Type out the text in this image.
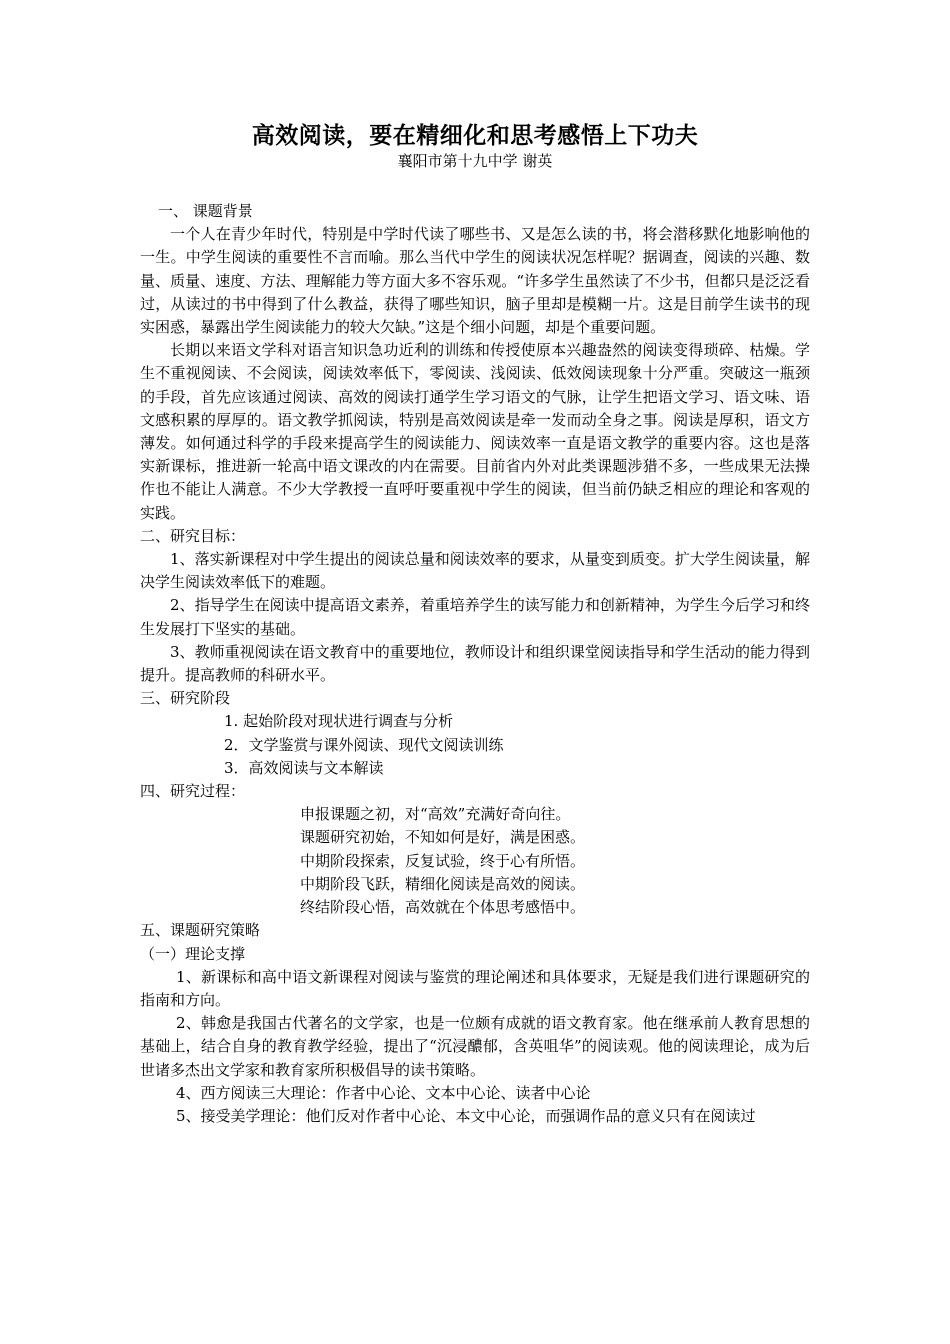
高效阅读，要在精细化和思考感悟上下功夫
襄阳市第十九中学 谢英

一、 课题背景

一个人在青少年时代，特别是中学时代读了哪些书、又是怎么读的书，将会潜移默化地影响他的一生。中学生阅读的重要性不言而喻。那么当代中学生的阅读状况怎样呢？据调查，阅读的兴趣、数量、质量、速度、方法、理解能力等方面大多不容乐观。“许多学生虽然读了不少书，但都只是泛泛看过，从读过的书中得到了什么教益，获得了哪些知识，脑子里却是模糊一片。这是目前学生读书的现实困惑，暴露出学生阅读能力的较大欠缺。”这是个细小问题，却是个重要问题。

长期以来语文学科对语言知识急功近利的训练和传授使原本兴趣盎然的阅读变得琐碎、枯燥。学生不重视阅读、不会阅读，阅读效率低下，零阅读、浅阅读、低效阅读现象十分严重。突破这一瓶颈的手段，首先应该通过阅读、高效的阅读打通学生学习语文的气脉，让学生把语文学习、语文味、语文感积累的厚厚的。语文教学抓阅读，特别是高效阅读是牵一发而动全身之事。阅读是厚积，语文方薄发。如何通过科学的手段来提高学生的阅读能力、阅读效率一直是语文教学的重要内容。这也是落实新课标，推进新一轮高中语文课改的内在需要。目前省内外对此类课题涉猎不多，一些成果无法操作也不能让人满意。不少大学教授一直呼吁要重视中学生的阅读，但当前仍缺乏相应的理论和客观的实践。

二、研究目标：

1、落实新课程对中学生提出的阅读总量和阅读效率的要求，从量变到质变。扩大学生阅读量，解决学生阅读效率低下的难题。

2、指导学生在阅读中提高语文素养，着重培养学生的读写能力和创新精神，为学生今后学习和终生发展打下坚实的基础。

3、教师重视阅读在语文教育中的重要地位，教师设计和组织课堂阅读指导和学生活动的能力得到提升。提高教师的科研水平。

三、研究阶段

1. 起始阶段对现状进行调查与分析

2．文学鉴赏与课外阅读、现代文阅读训练

3．高效阅读与文本解读

四、研究过程：

申报课题之初，对“高效”充满好奇向往。

课题研究初始，不知如何是好，满是困惑。

中期阶段探索，反复试验，终于心有所悟。

中期阶段飞跃，精细化阅读是高效的阅读。

终结阶段心悟，高效就在个体思考感悟中。

五、课题研究策略

（一）理论支撑

1、新课标和高中语文新课程对阅读与鉴赏的理论阐述和具体要求，无疑是我们进行课题研究的指南和方向。

2、韩愈是我国古代著名的文学家，也是一位颇有成就的语文教育家。他在继承前人教育思想的基础上，结合自身的教育教学经验，提出了“沉浸醲郁，含英咀华”的阅读观。他的阅读理论，成为后世诸多杰出文学家和教育家所积极倡导的读书策略。

4、西方阅读三大理论：作者中心论、文本中心论、读者中心论

5、接受美学理论：他们反对作者中心论、本文中心论，而强调作品的意义只有在阅读过
